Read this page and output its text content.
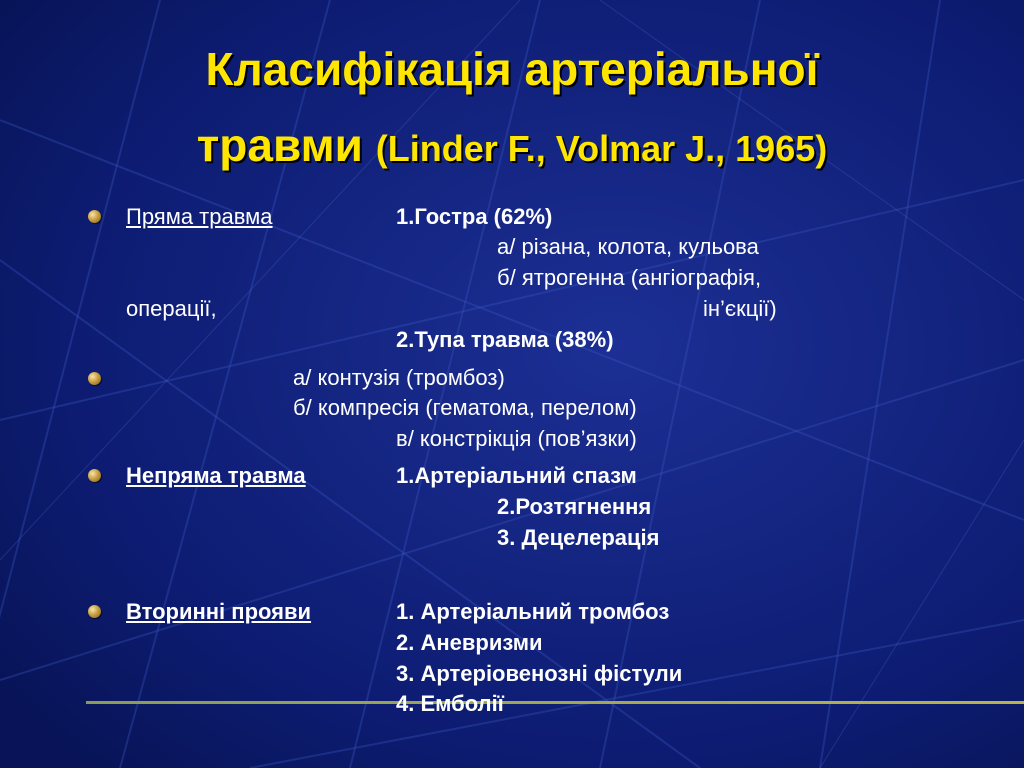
Класифікація артеріальної
травми (Linder F., Volmar J., 1965)
Пряма травма	1.Гостра (62%)
а/ різана, колота, кульова
б/ ятрогенна (ангіографія,
операції,	ін’єкції)
2.Тупа травма (38%)
а/ контузія (тромбоз)
б/ компресія (гематома, перелом)
в/ констрікція (пов’язки)
Непряма травма	1.Артеріальний спазм
2.Розтягнення
3. Децелерація
Вторинні прояви	1. Артеріальний тромбоз
2. Аневризми
3. Артеріовенозні фістули
4. Емболії
